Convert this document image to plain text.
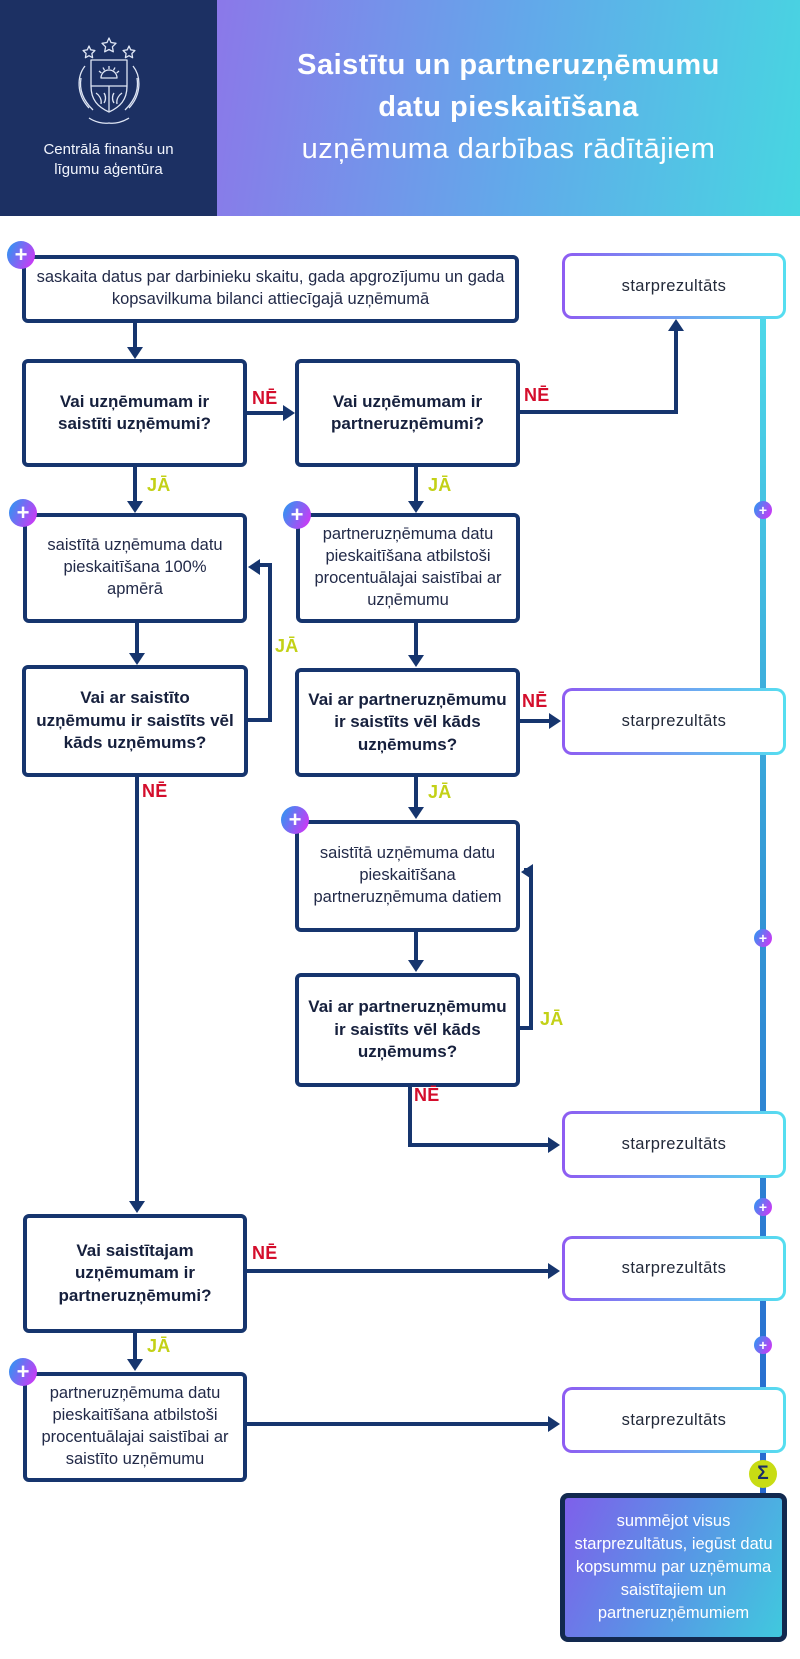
Centrālā finanšu un
līgumu aģentūra
Saistītu un partneruzņēmumu
datu pieskaitīšana
uzņēmuma darbības rādītājiem
saskaita datus par darbinieku skaitu, gada apgrozījumu un gada kopsavilkuma bilanci attiecīgajā uzņēmumā
Vai uzņēmumam ir saistīti uzņēmumi?
Vai uzņēmumam ir partneruzņēmumi?
saistītā uzņēmuma datu pieskaitīšana 100% apmērā
partneruzņēmuma datu pieskaitīšana atbilstoši procentuālajai saistībai ar uzņēmumu
Vai ar saistīto uzņēmumu ir saistīts vēl kāds uzņēmums?
Vai ar partneruzņēmumu ir saistīts vēl kāds uzņēmums?
saistītā uzņēmuma datu pieskaitīšana partneruzņēmuma datiem
Vai ar partneruzņēmumu ir saistīts vēl kāds uzņēmums?
Vai saistītajam uzņēmumam ir partneruzņēmumi?
partneruzņēmuma datu pieskaitīšana atbilstoši procentuālajai saistībai ar saistīto uzņēmumu
starprezultāts
starprezultāts
starprezultāts
starprezultāts
starprezultāts
summējot visus starprezultātus, iegūst datu kopsummu par uzņēmuma saistītajiem un partneruzņēmumiem
+
+	+
+
+
+
+
+
+
Σ
NĒ	NĒ
JĀ	JĀ
JĀ
NĒ
NĒ	JĀ
JĀ
NĒ
NĒ
JĀ
